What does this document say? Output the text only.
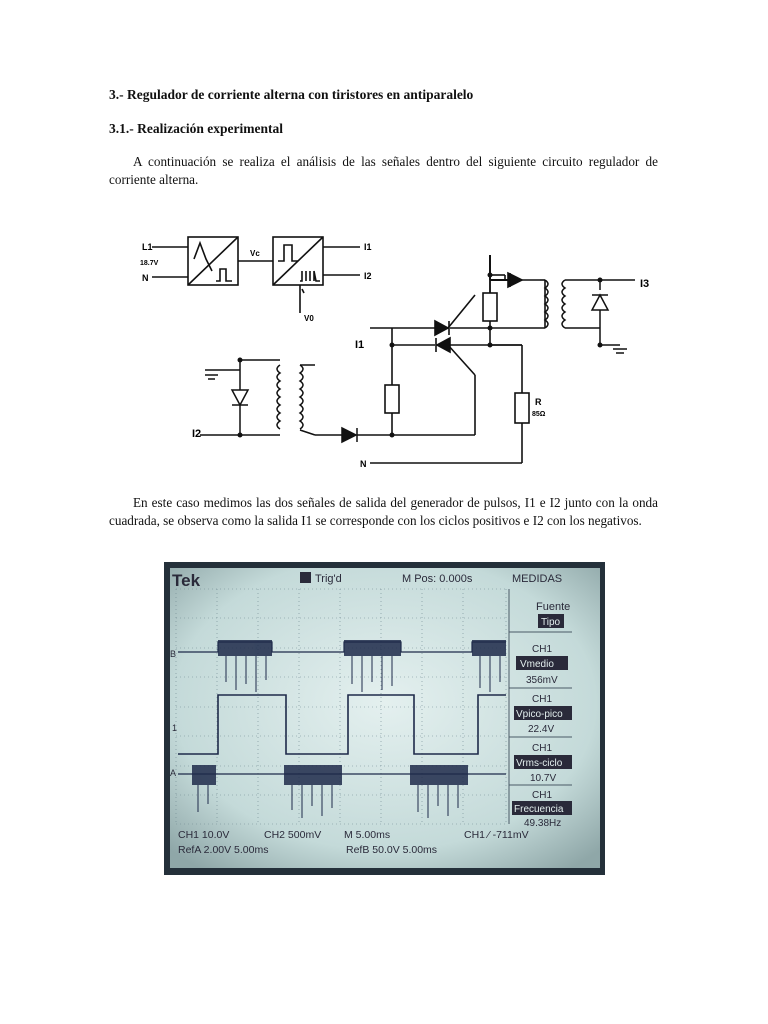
3.- Regulador de corriente alterna con tiristores en antiparalelo
3.1.- Realización experimental
A continuación se realiza el análisis de las señales dentro del siguiente circuito regulador de corriente alterna.
L1
18.7V
N
Vc
V0
I1
I2
I1
I2
I3
N
R
85Ω
En este caso medimos las dos señales de salida del generador de pulsos, I1 e I2 junto con la onda cuadrada, se observa como la salida I1 se corresponde con los ciclos positivos e I2 con los negativos.
Tek	Trig'd	M Pos: 0.000s	MEDIDAS
B
1
A
Fuente
Tipo
CH1
Vmedio
356mV
CH1
Vpico-pico
22.4V
CH1
Vrms-ciclo
10.7V
CH1
Frecuencia
49.38Hz
CH1 10.0V	CH2 500mV M 5.00ms	CH1 ⁄ -711mV
RefA 2.00V 5.00ms	RefB 50.0V 5.00ms
